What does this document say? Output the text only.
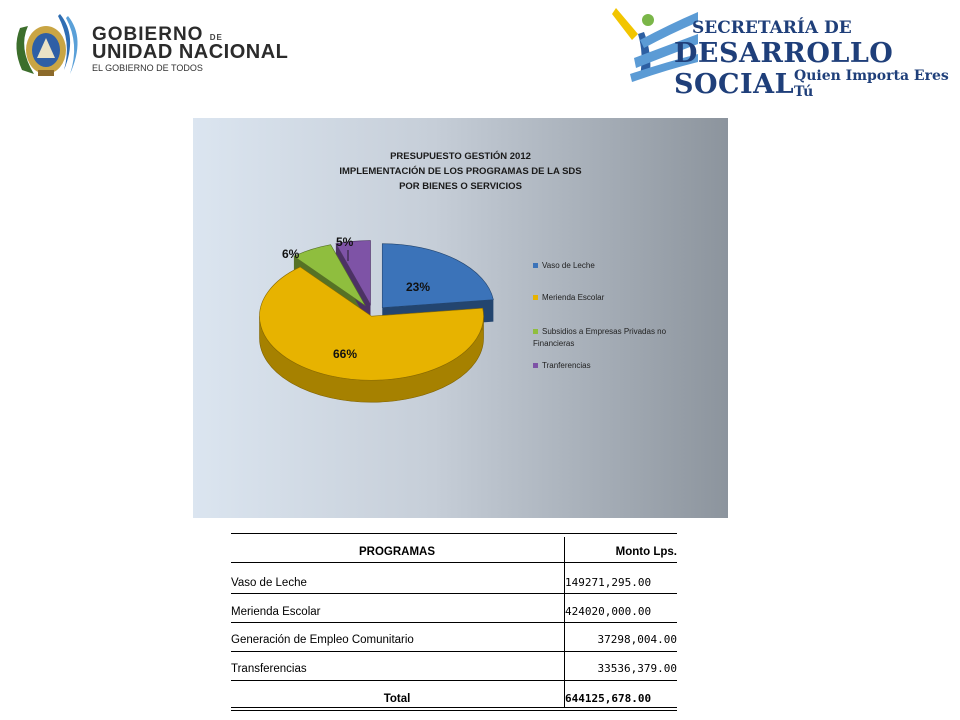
GOBIERNO DE
UNIDAD NACIONAL
EL GOBIERNO DE TODOS
SECRETARÍA DE
DESARROLLO SOCIAL Quien Importa Eres Tú
PRESUPUESTO GESTIÓN 2012
IMPLEMENTACIÓN DE LOS PROGRAMAS DE LA SDS
POR BIENES O SERVICIOS
23%
66%
6%
5%
Vaso de Leche
Merienda Escolar
Subsidios a Empresas Privadas no Financieras
Tranferencias
PROGRAMAS	Monto Lps.
Vaso de Leche	149271,295.00
Merienda Escolar	424020,000.00
Generación de Empleo Comunitario	37298,004.00
Transferencias	33536,379.00
Total	644125,678.00
